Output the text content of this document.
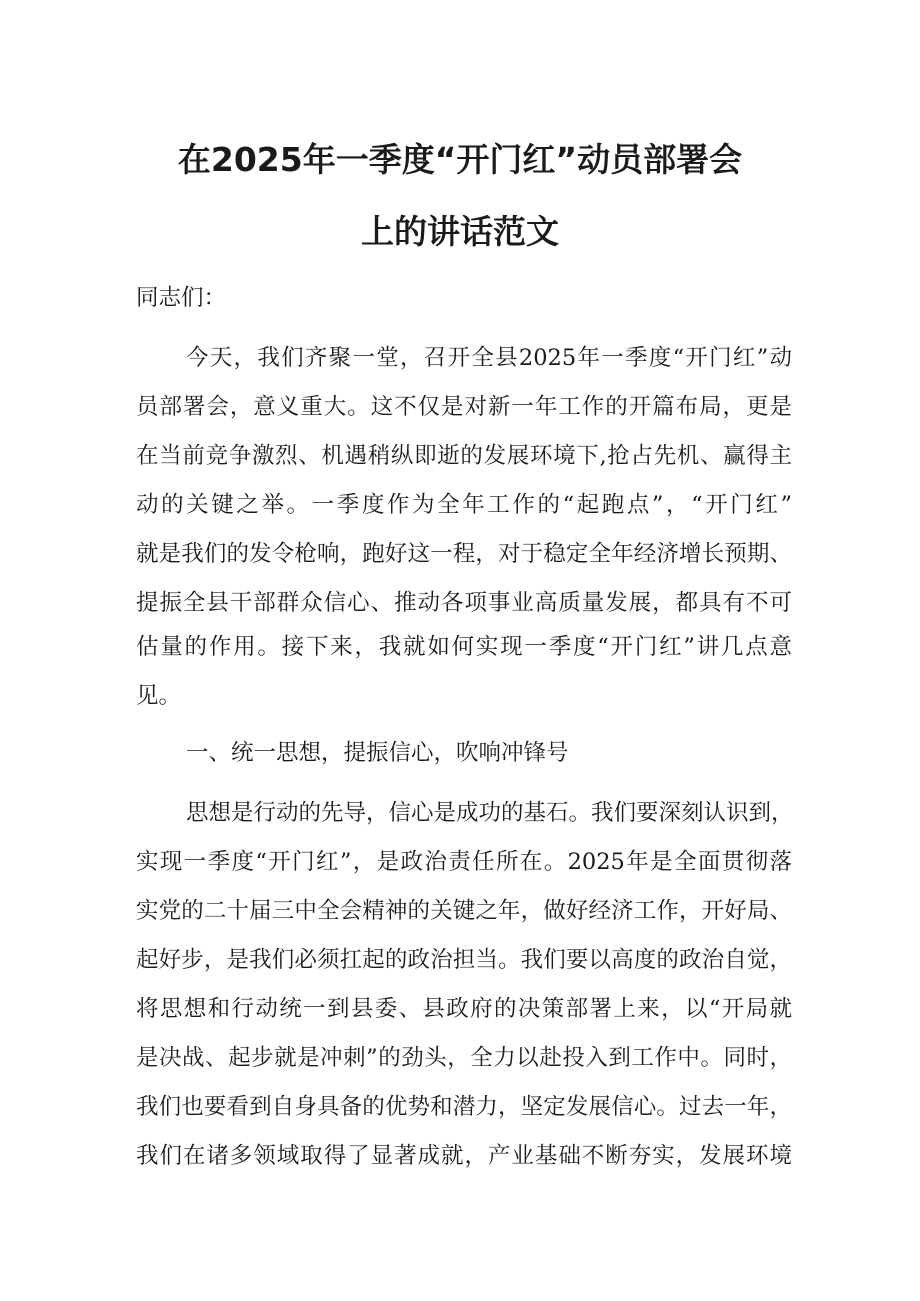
在2025年一季度“开门红”动员部署会
上的讲话范文
同志们：
今天，我们齐聚一堂，召开全县2025年一季度“开门红”动
员部署会，意义重大。这不仅是对新一年工作的开篇布局，更是
在当前竞争激烈、机遇稍纵即逝的发展环境下,抢占先机、赢得主
动的关键之举。一季度作为全年工作的“起跑点”，“开门红”
就是我们的发令枪响，跑好这一程，对于稳定全年经济增长预期、
提振全县干部群众信心、推动各项事业高质量发展，都具有不可
估量的作用。接下来，我就如何实现一季度“开门红”讲几点意
见。
一、统一思想，提振信心，吹响冲锋号
思想是行动的先导，信心是成功的基石。我们要深刻认识到，
实现一季度“开门红”，是政治责任所在。2025年是全面贯彻落
实党的二十届三中全会精神的关键之年，做好经济工作，开好局、
起好步，是我们必须扛起的政治担当。我们要以高度的政治自觉，
将思想和行动统一到县委、县政府的决策部署上来，以“开局就
是决战、起步就是冲刺”的劲头，全力以赴投入到工作中。同时，
我们也要看到自身具备的优势和潜力，坚定发展信心。过去一年，
我们在诸多领域取得了显著成就，产业基础不断夯实，发展环境
